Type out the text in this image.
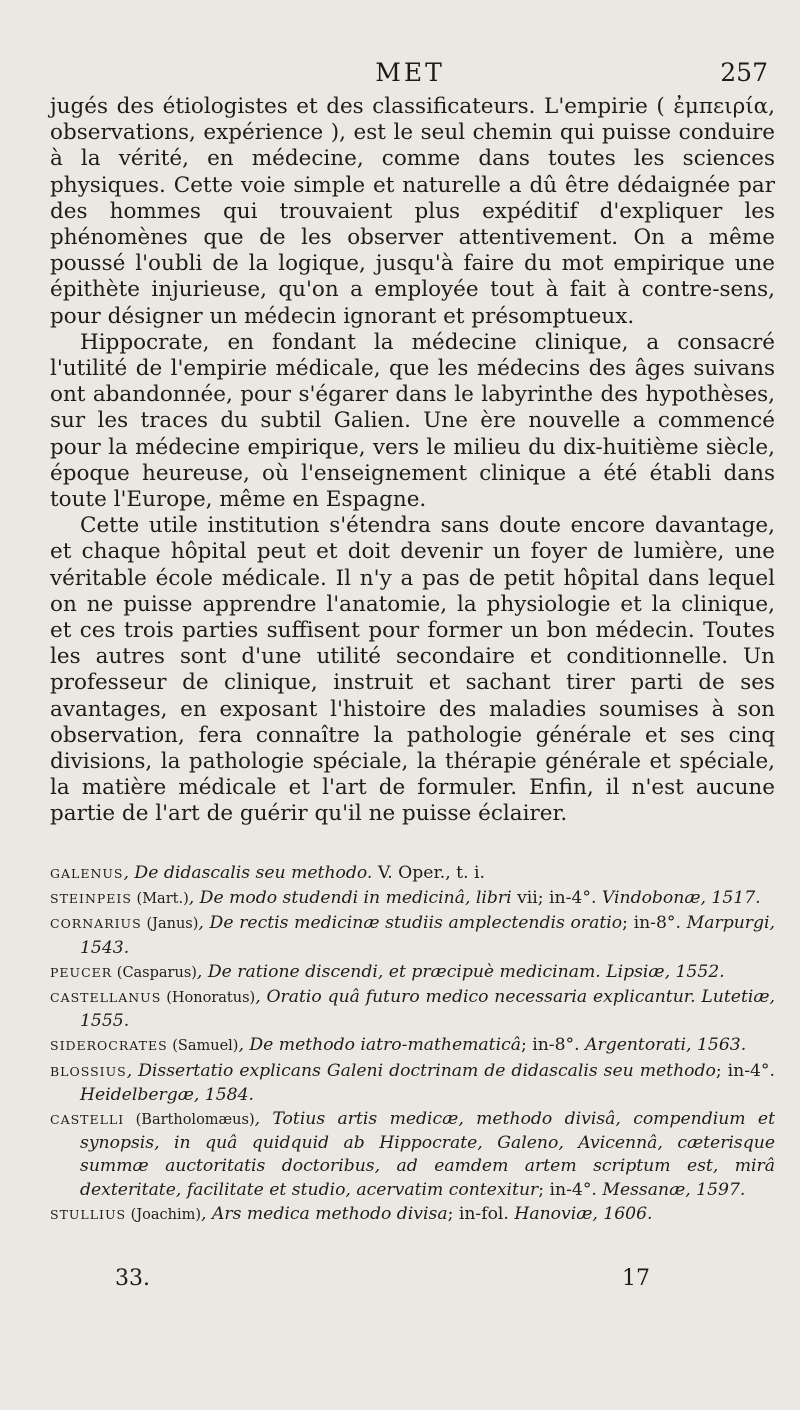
MET	257

jugés des étiologistes et des classificateurs. L'empirie ( ἐμπειρία, observations, expérience ), est le seul chemin qui puisse conduire à la vérité, en médecine, comme dans toutes les sciences physiques. Cette voie simple et naturelle a dû être dédaignée par des hommes qui trouvaient plus expéditif d'expliquer les phénomènes que de les observer attentivement. On a même poussé l'oubli de la logique, jusqu'à faire du mot empirique une épithète injurieuse, qu'on a employée tout à fait à contre-sens, pour désigner un médecin ignorant et présomptueux.

Hippocrate, en fondant la médecine clinique, a consacré l'utilité de l'empirie médicale, que les médecins des âges suivans ont abandonnée, pour s'égarer dans le labyrinthe des hypothèses, sur les traces du subtil Galien. Une ère nouvelle a commencé pour la médecine empirique, vers le milieu du dix-huitième siècle, époque heureuse, où l'enseignement clinique a été établi dans toute l'Europe, même en Espagne.

Cette utile institution s'étendra sans doute encore davantage, et chaque hôpital peut et doit devenir un foyer de lumière, une véritable école médicale. Il n'y a pas de petit hôpital dans lequel on ne puisse apprendre l'anatomie, la physiologie et la clinique, et ces trois parties suffisent pour former un bon médecin. Toutes les autres sont d'une utilité secondaire et conditionnelle. Un professeur de clinique, instruit et sachant tirer parti de ses avantages, en exposant l'histoire des maladies soumises à son observation, fera connaître la pathologie générale et ses cinq divisions, la pathologie spéciale, la thérapie générale et spéciale, la matière médicale et l'art de formuler. Enfin, il n'est aucune partie de l'art de guérir qu'il ne puisse éclairer.

GALENUS, De didascalis seu methodo. V. Oper., t. i.

STEINPEIS (Mart.), De modo studendi in medicinâ, libri vii; in-4°. Vindobonæ, 1517.

CORNARIUS (Janus), De rectis medicinæ studiis amplectendis oratio; in-8°. Marpurgi, 1543.

PEUCER (Casparus), De ratione discendi, et præcipuè medicinam. Lipsiæ, 1552.

CASTELLANUS (Honoratus), Oratio quâ futuro medico necessaria explicantur. Lutetiæ, 1555.

SIDEROCRATES (Samuel), De methodo iatro-mathematicâ; in-8°. Argentorati, 1563.

BLOSSIUS, Dissertatio explicans Galeni doctrinam de didascalis seu methodo; in-4°. Heidelbergæ, 1584.

CASTELLI (Bartholomæus), Totius artis medicæ, methodo divisâ, compendium et synopsis, in quâ quidquid ab Hippocrate, Galeno, Avicennâ, cæterisque summæ auctoritatis doctoribus, ad eamdem artem scriptum est, mirâ dexteritate, facilitate et studio, acervatim contexitur; in-4°. Messanæ, 1597.

STULLIUS (Joachim), Ars medica methodo divisa; in-fol. Hanoviæ, 1606.

33.	17
